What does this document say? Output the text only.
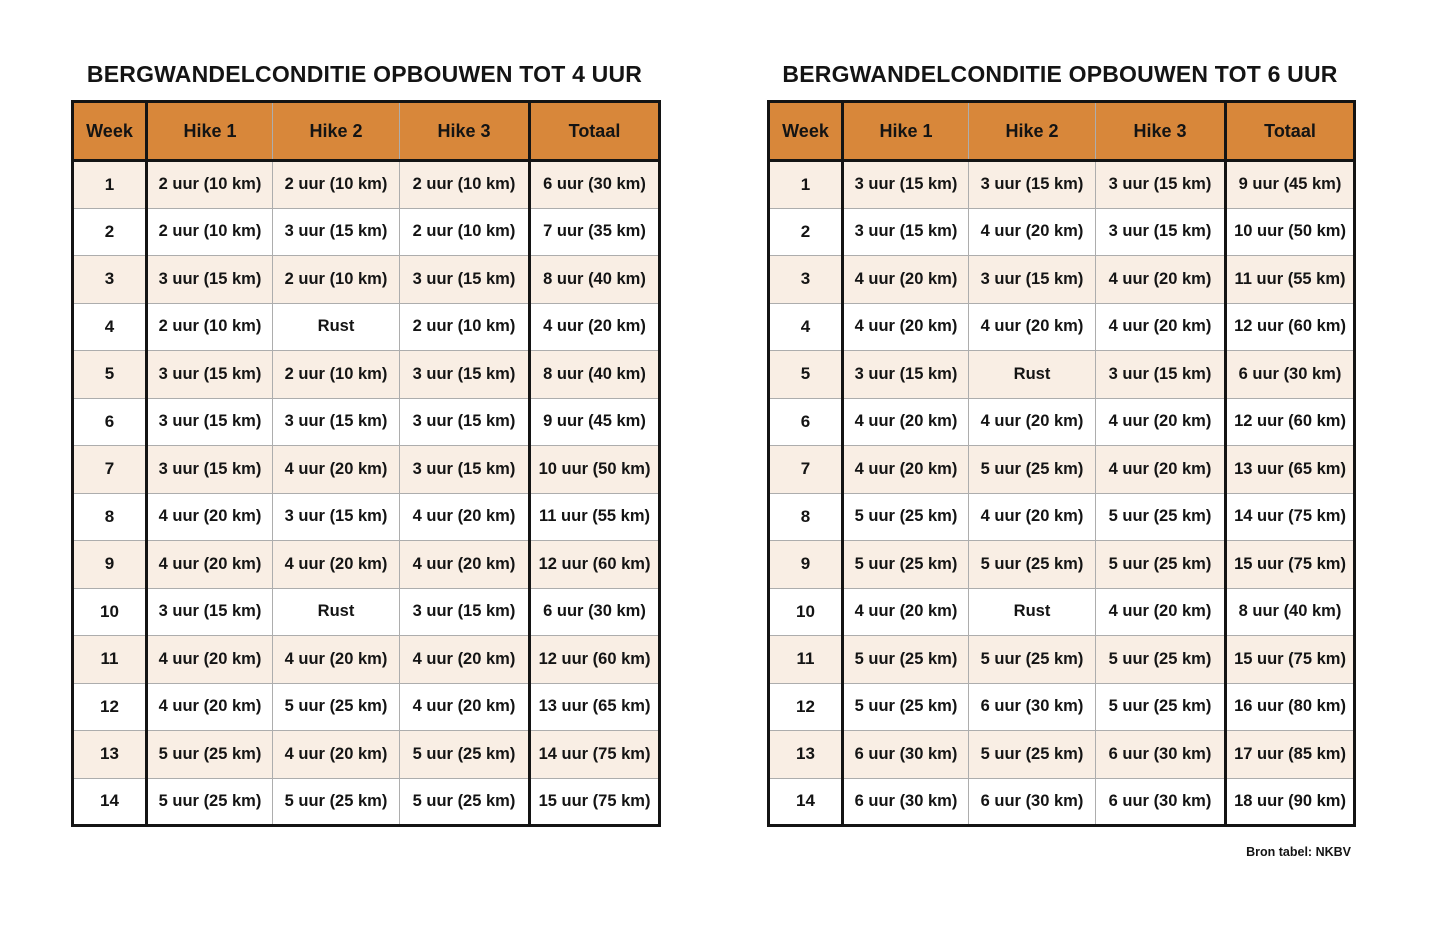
BERGWANDELCONDITIE OPBOUWEN TOT 4 UUR
Week	Hike 1	Hike 2	Hike 3	Totaal
1	2 uur (10 km)	2 uur (10 km)	2 uur (10 km)	6 uur (30 km)
2	2 uur (10 km)	3 uur (15 km)	2 uur (10 km)	7 uur (35 km)
3	3 uur (15 km)	2 uur (10 km)	3 uur (15 km)	8 uur (40 km)
4	2 uur (10 km)	Rust	2 uur (10 km)	4 uur (20 km)
5	3 uur (15 km)	2 uur (10 km)	3 uur (15 km)	8 uur (40 km)
6	3 uur (15 km)	3 uur (15 km)	3 uur (15 km)	9 uur (45 km)
7	3 uur (15 km)	4 uur (20 km)	3 uur (15 km)	10 uur (50 km)
8	4 uur (20 km)	3 uur (15 km)	4 uur (20 km)	11 uur (55 km)
9	4 uur (20 km)	4 uur (20 km)	4 uur (20 km)	12 uur (60 km)
10	3 uur (15 km)	Rust	3 uur (15 km)	6 uur (30 km)
11	4 uur (20 km)	4 uur (20 km)	4 uur (20 km)	12 uur (60 km)
12	4 uur (20 km)	5 uur (25 km)	4 uur (20 km)	13 uur (65 km)
13	5 uur (25 km)	4 uur (20 km)	5 uur (25 km)	14 uur (75 km)
14	5 uur (25 km)	5 uur (25 km)	5 uur (25 km)	15 uur (75 km)
BERGWANDELCONDITIE OPBOUWEN TOT 6 UUR
Week	Hike 1	Hike 2	Hike 3	Totaal
1	3 uur (15 km)	3 uur (15 km)	3 uur (15 km)	9 uur (45 km)
2	3 uur (15 km)	4 uur (20 km)	3 uur (15 km)	10 uur (50 km)
3	4 uur (20 km)	3 uur (15 km)	4 uur (20 km)	11 uur (55 km)
4	4 uur (20 km)	4 uur (20 km)	4 uur (20 km)	12 uur (60 km)
5	3 uur (15 km)	Rust	3 uur (15 km)	6 uur (30 km)
6	4 uur (20 km)	4 uur (20 km)	4 uur (20 km)	12 uur (60 km)
7	4 uur (20 km)	5 uur (25 km)	4 uur (20 km)	13 uur (65 km)
8	5 uur (25 km)	4 uur (20 km)	5 uur (25 km)	14 uur (75 km)
9	5 uur (25 km)	5 uur (25 km)	5 uur (25 km)	15 uur (75 km)
10	4 uur (20 km)	Rust	4 uur (20 km)	8 uur (40 km)
11	5 uur (25 km)	5 uur (25 km)	5 uur (25 km)	15 uur (75 km)
12	5 uur (25 km)	6 uur (30 km)	5 uur (25 km)	16 uur (80 km)
13	6 uur (30 km)	5 uur (25 km)	6 uur (30 km)	17 uur (85 km)
14	6 uur (30 km)	6 uur (30 km)	6 uur (30 km)	18 uur (90 km)
Bron tabel: NKBV
